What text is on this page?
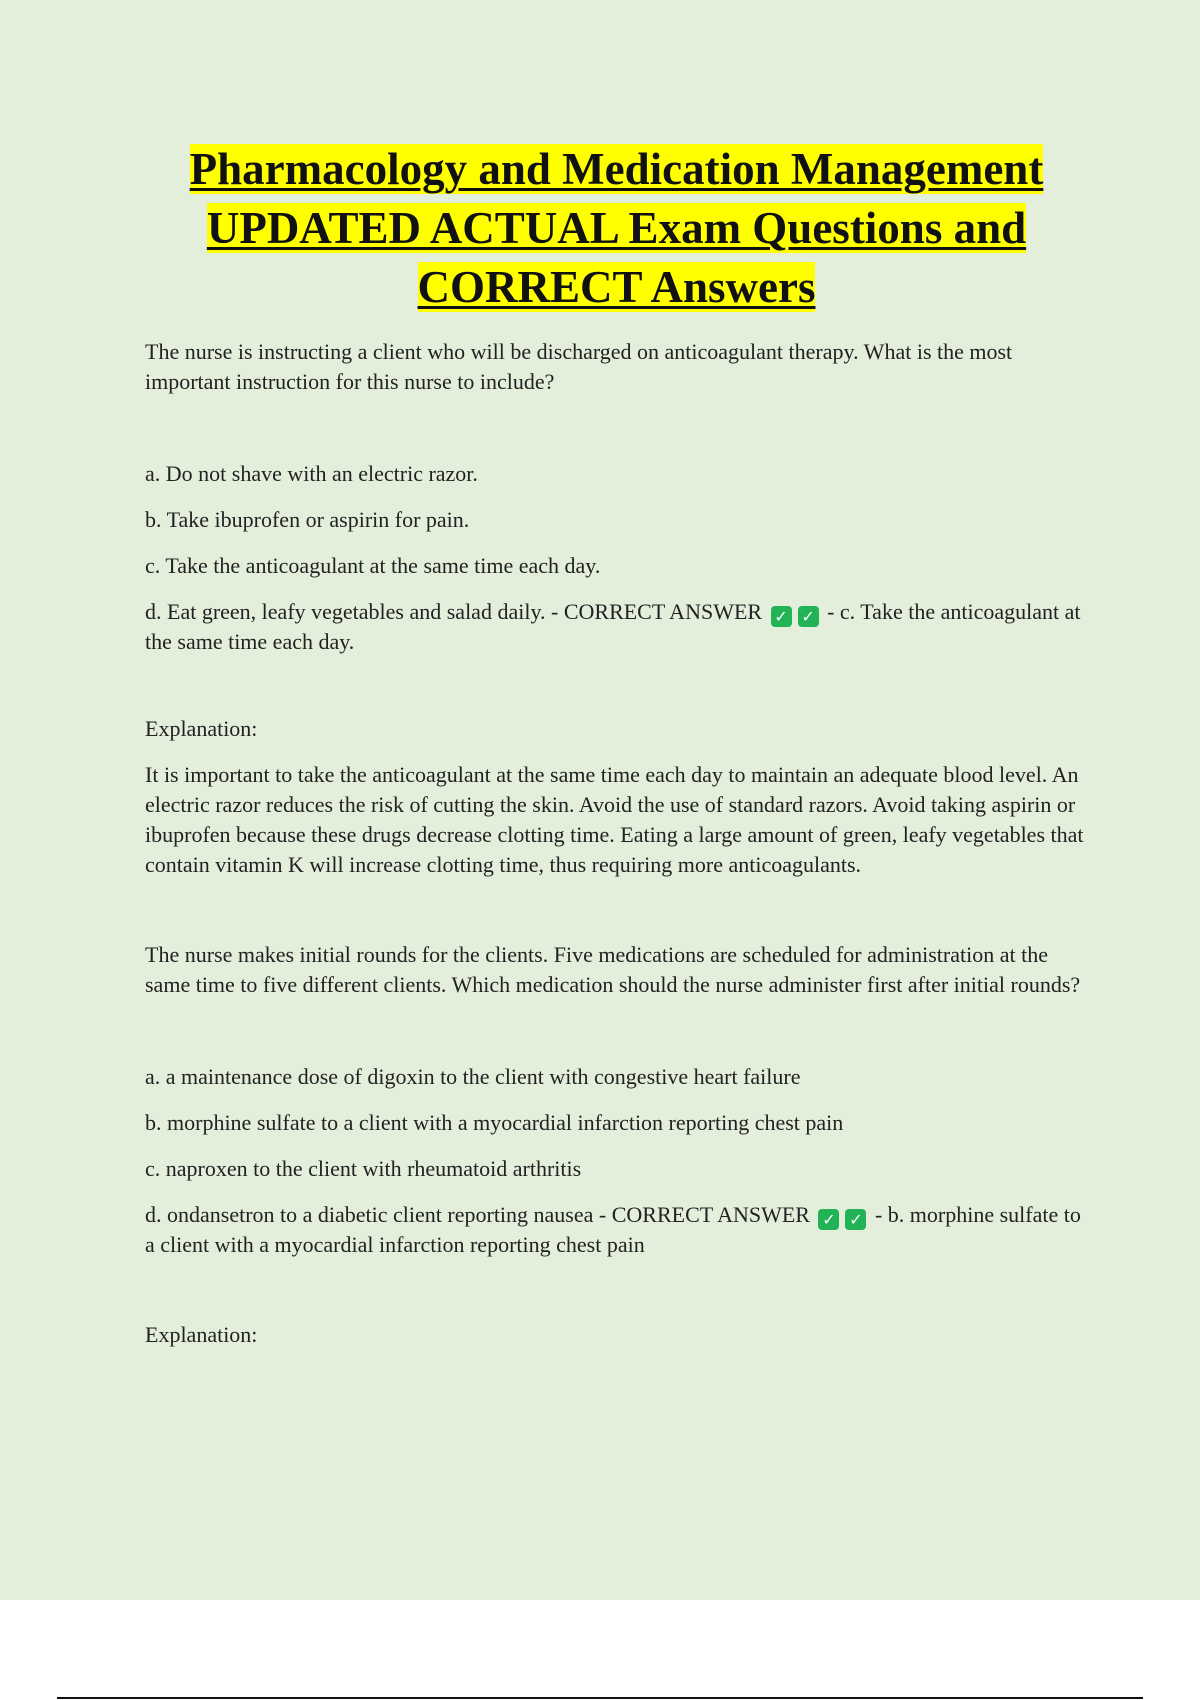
Pharmacology and Medication Management
UPDATED ACTUAL Exam Questions and
CORRECT Answers

The nurse is instructing a client who will be discharged on anticoagulant therapy. What is the most important instruction for this nurse to include?

a. Do not shave with an electric razor.

b. Take ibuprofen or aspirin for pain.

c. Take the anticoagulant at the same time each day.

d. Eat green, leafy vegetables and salad daily. - CORRECT ANSWER ✓ ✓ - c. Take the anticoagulant at the same time each day.

Explanation:

It is important to take the anticoagulant at the same time each day to maintain an adequate blood level. An electric razor reduces the risk of cutting the skin. Avoid the use of standard razors. Avoid taking aspirin or ibuprofen because these drugs decrease clotting time. Eating a large amount of green, leafy vegetables that contain vitamin K will increase clotting time, thus requiring more anticoagulants.

The nurse makes initial rounds for the clients. Five medications are scheduled for administration at the same time to five different clients. Which medication should the nurse administer first after initial rounds?

a. a maintenance dose of digoxin to the client with congestive heart failure

b. morphine sulfate to a client with a myocardial infarction reporting chest pain

c. naproxen to the client with rheumatoid arthritis

d. ondansetron to a diabetic client reporting nausea - CORRECT ANSWER ✓ ✓ - b. morphine sulfate to a client with a myocardial infarction reporting chest pain

Explanation:
